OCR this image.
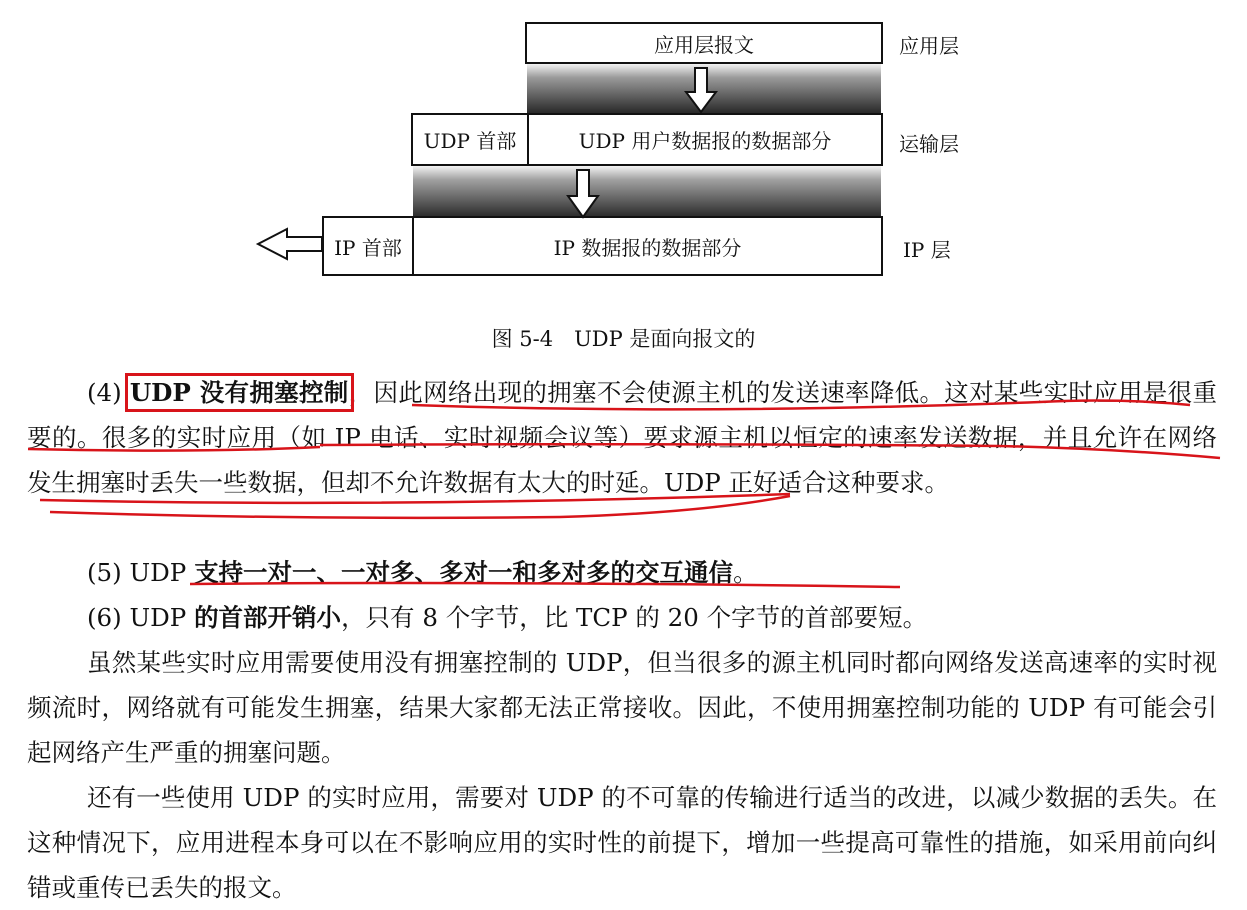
应用层报文
UDP 首部	UDP 用户数据报的数据部分
IP 首部	IP 数据报的数据部分
应用层
运输层
IP 层
图 5-4　UDP 是面向报文的
(4) UDP 没有拥塞控制，因此网络出现的拥塞不会使源主机的发送速率降低。这对某些实时应用是很重要的。很多的实时应用（如 IP 电话、实时视频会议等）要求源主机以恒定的速率发送数据，并且允许在网络发生拥塞时丢失一些数据，但却不允许数据有太大的时延。UDP 正好适合这种要求。
(5) UDP 支持一对一、一对多、多对一和多对多的交互通信。
(6) UDP 的首部开销小，只有 8 个字节，比 TCP 的 20 个字节的首部要短。
虽然某些实时应用需要使用没有拥塞控制的 UDP，但当很多的源主机同时都向网络发送高速率的实时视频流时，网络就有可能发生拥塞，结果大家都无法正常接收。因此，不使用拥塞控制功能的 UDP 有可能会引起网络产生严重的拥塞问题。
还有一些使用 UDP 的实时应用，需要对 UDP 的不可靠的传输进行适当的改进，以减少数据的丢失。在这种情况下，应用进程本身可以在不影响应用的实时性的前提下，增加一些提高可靠性的措施，如采用前向纠错或重传已丢失的报文。
